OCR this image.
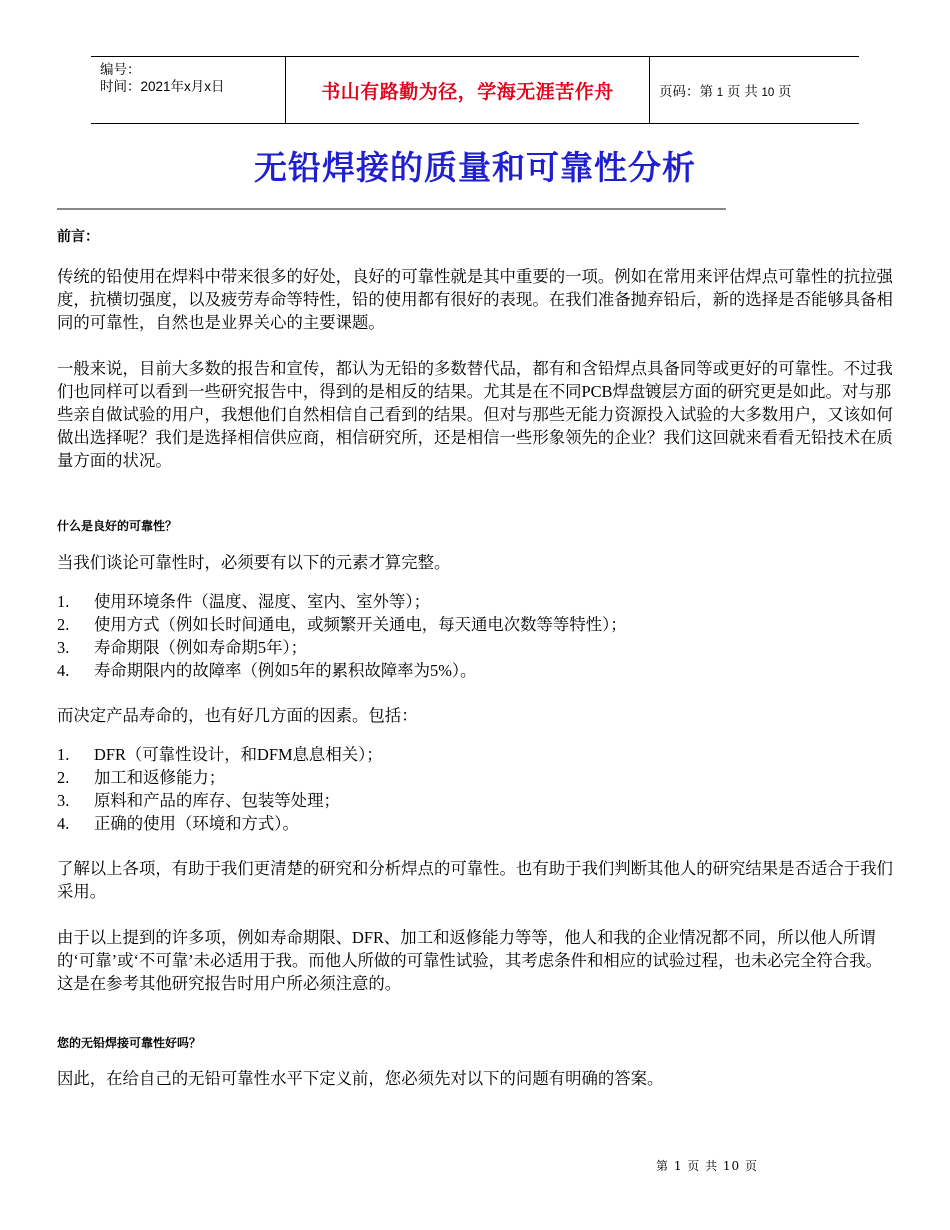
编号：
时间：2021年x月x日	书山有路勤为径，学海无涯苦作舟	页码：第 1 页 共 10 页
无铅焊接的质量和可靠性分析

前言：

传统的铅使用在焊料中带来很多的好处，良好的可靠性就是其中重要的一项。例如在常用来评估焊点可靠性的抗拉强度，抗横切强度，以及疲劳寿命等特性，铅的使用都有很好的表现。在我们准备抛弃铅后，新的选择是否能够具备相同的可靠性，自然也是业界关心的主要课题。

一般来说，目前大多数的报告和宣传，都认为无铅的多数替代品，都有和含铅焊点具备同等或更好的可靠性。不过我们也同样可以看到一些研究报告中，得到的是相反的结果。尤其是在不同PCB焊盘镀层方面的研究更是如此。对与那些亲自做试验的用户，我想他们自然相信自己看到的结果。但对与那些无能力资源投入试验的大多数用户，又该如何做出选择呢？我们是选择相信供应商，相信研究所，还是相信一些形象领先的企业？我们这回就来看看无铅技术在质量方面的状况。

什么是良好的可靠性？

当我们谈论可靠性时，必须要有以下的元素才算完整。

1. 使用环境条件（温度、湿度、室内、室外等）；
2. 使用方式（例如长时间通电，或频繁开关通电，每天通电次数等等特性）；
3. 寿命期限（例如寿命期5年）；
4. 寿命期限内的故障率（例如5年的累积故障率为5%）。

而决定产品寿命的，也有好几方面的因素。包括：

1. DFR（可靠性设计，和DFM息息相关）；
2. 加工和返修能力；
3. 原料和产品的库存、包装等处理；
4. 正确的使用（环境和方式）。

了解以上各项，有助于我们更清楚的研究和分析焊点的可靠性。也有助于我们判断其他人的研究结果是否适合于我们采用。

由于以上提到的许多项，例如寿命期限、DFR、加工和返修能力等等，他人和我的企业情况都不同，所以他人所谓的‘可靠’或‘不可靠’未必适用于我。而他人所做的可靠性试验，其考虑条件和相应的试验过程，也未必完全符合我。这是在参考其他研究报告时用户所必须注意的。

您的无铅焊接可靠性好吗？

因此，在给自己的无铅可靠性水平下定义前，您必须先对以下的问题有明确的答案。

第 1 页 共 10 页
